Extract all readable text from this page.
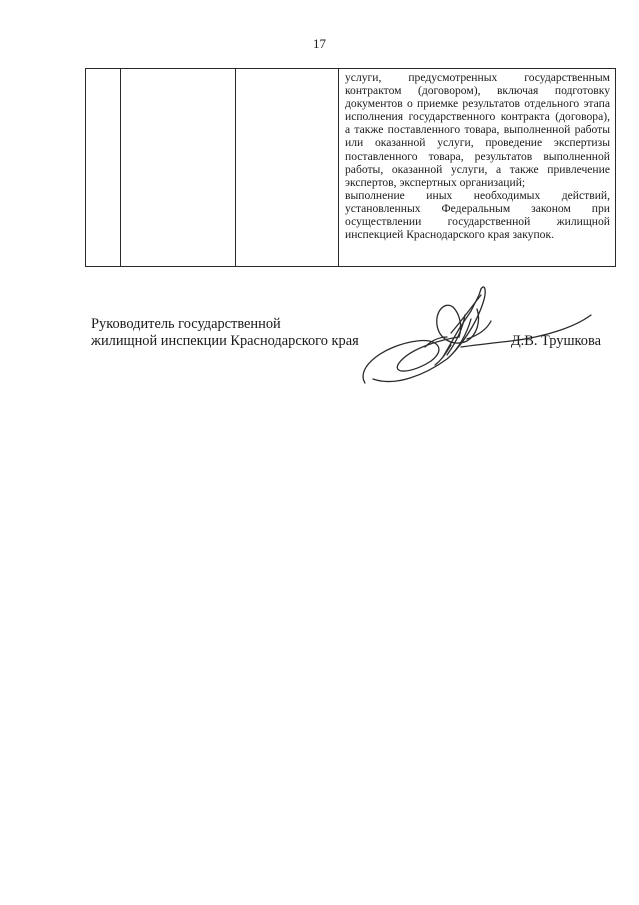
17

услуги, предусмотренных государственным контрактом (договором), включая подготовку документов о приемке результатов отдельного этапа исполнения государственного контракта (договора), а также поставленного товара, выполненной работы или оказанной услуги, проведение экспертизы поставленного товара, результатов выполненной работы, оказанной услуги, а также привлечение экспертов, экспертных организаций;

выполнение иных необходимых действий, установленных Федеральным законом при осуществлении государственной жилищной инспекцией Краснодарского края закупок.

Руководитель государственной

жилищной инспекции Краснодарского края	Д.В. Трушкова
